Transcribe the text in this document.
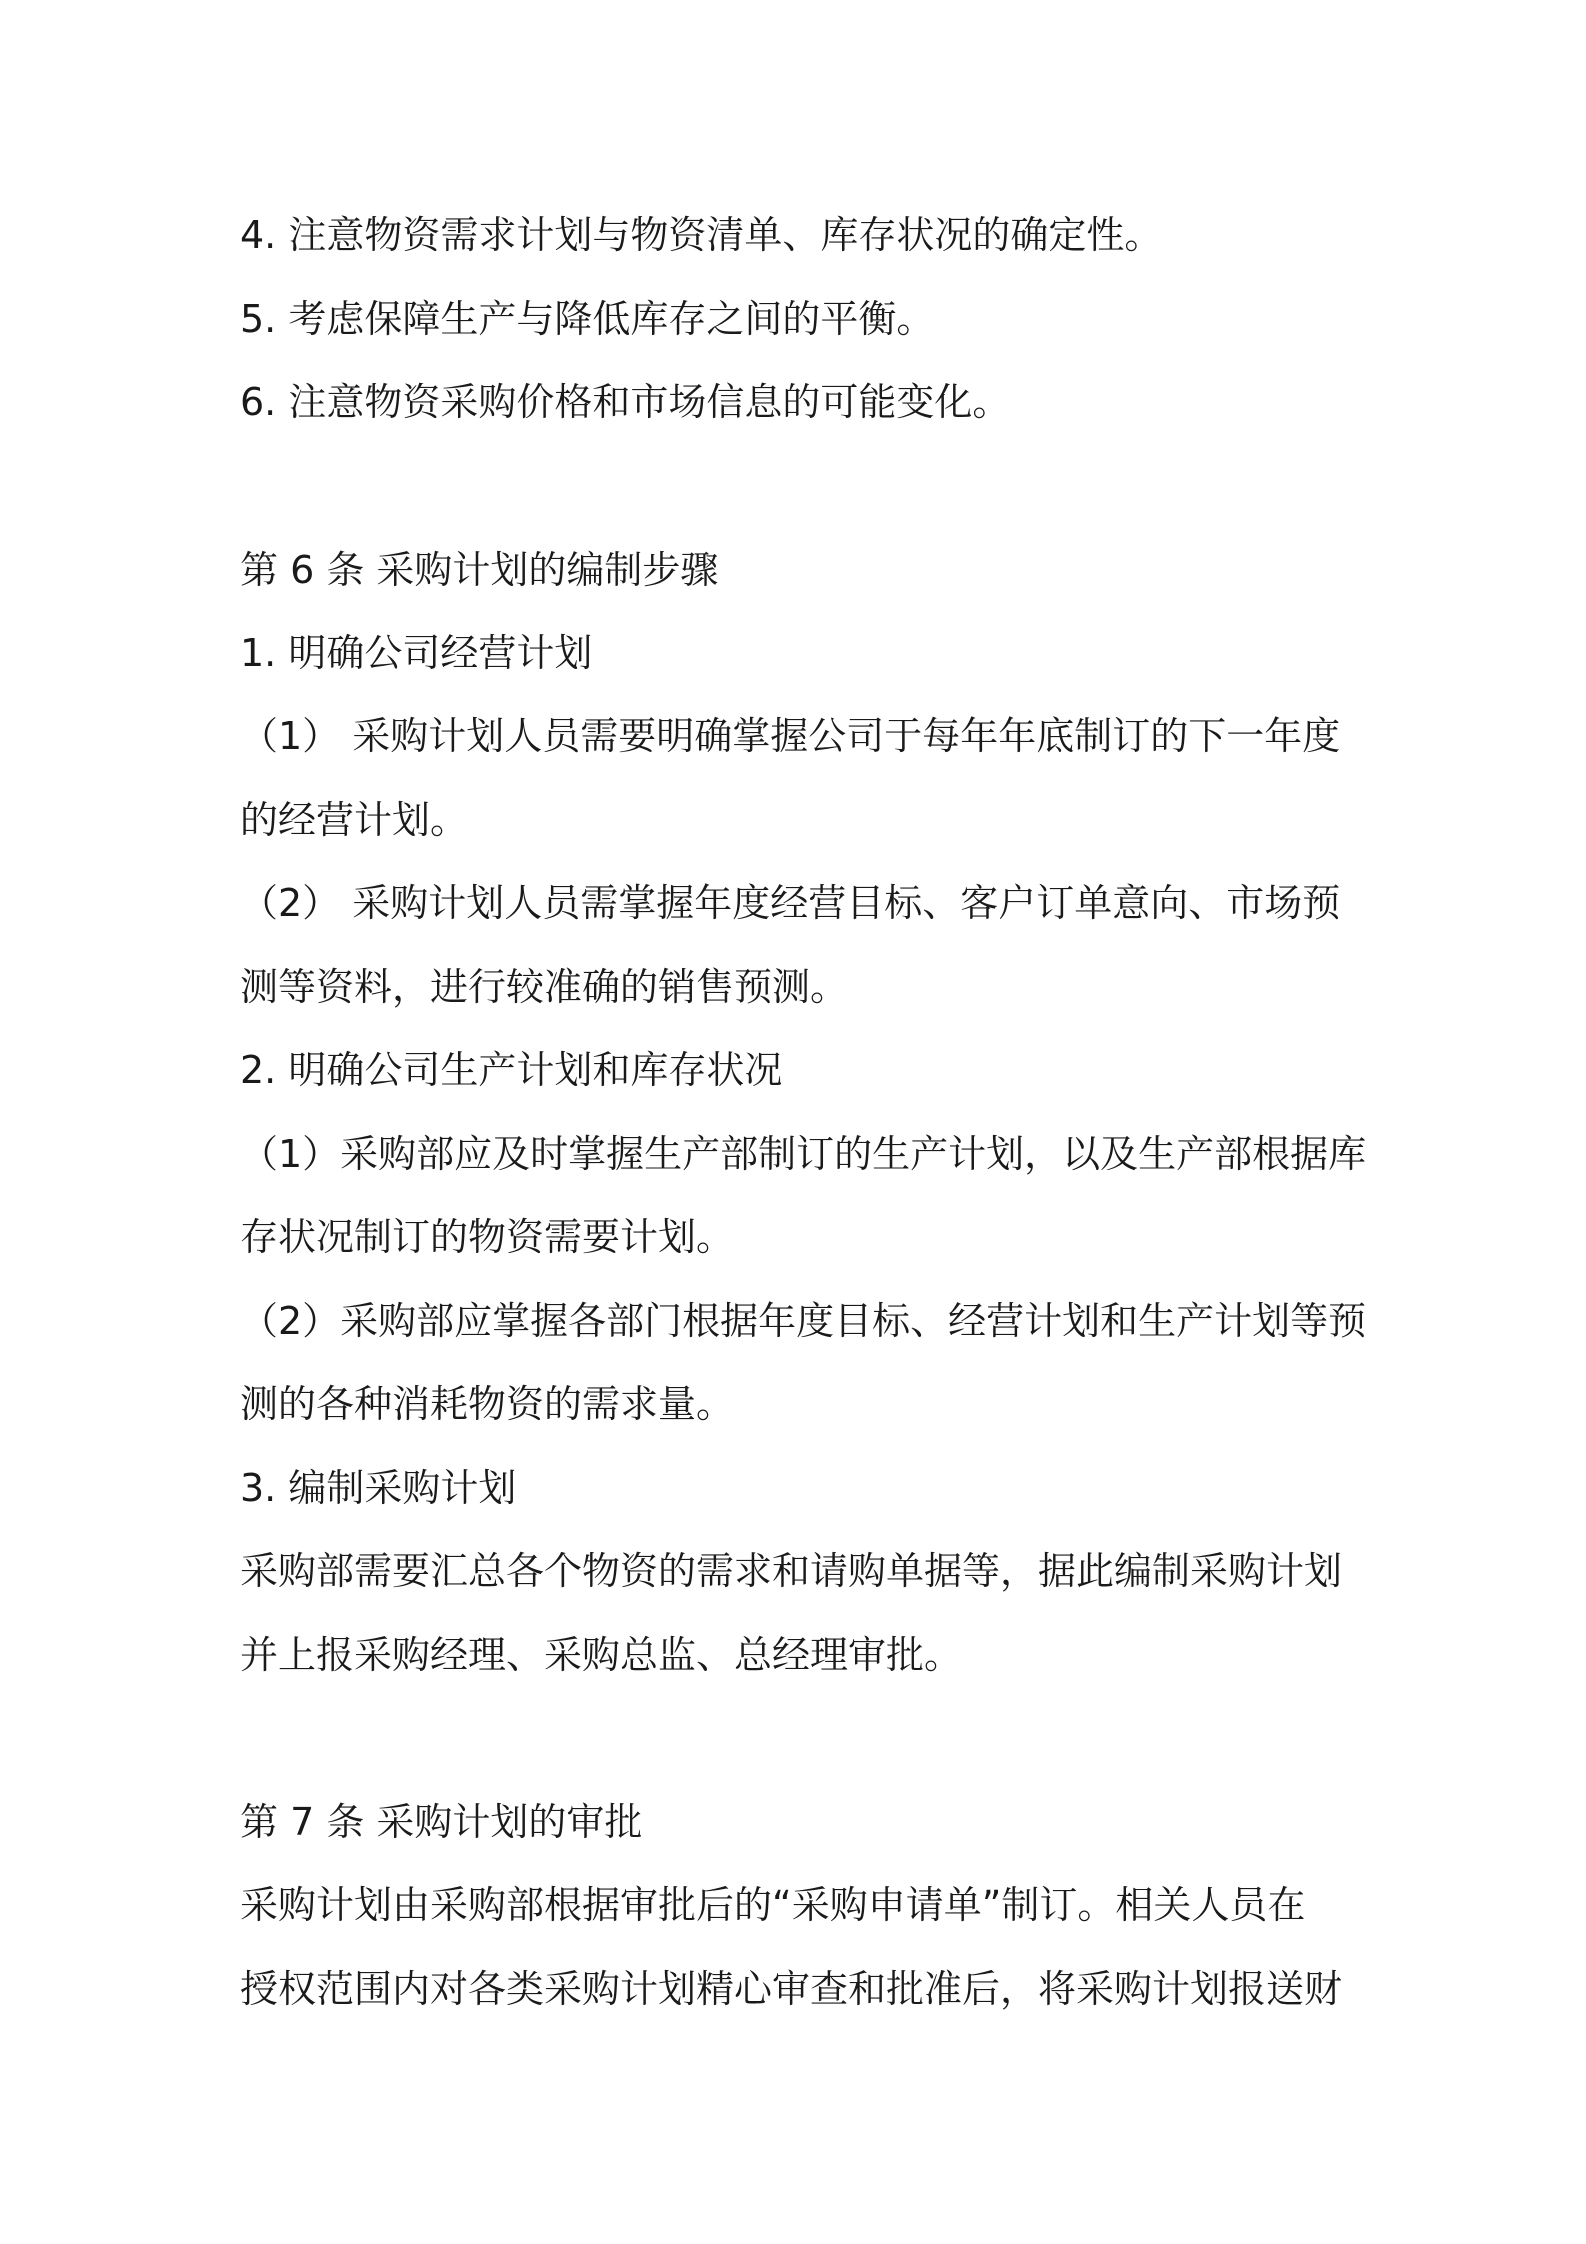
4. 注意物资需求计划与物资清单、库存状况的确定性。
5. 考虑保障生产与降低库存之间的平衡。
6. 注意物资采购价格和市场信息的可能变化。
第 6 条 采购计划的编制步骤
1. 明确公司经营计划
（1） 采购计划人员需要明确掌握公司于每年年底制订的下一年度
的经营计划。
（2） 采购计划人员需掌握年度经营目标、客户订单意向、市场预
测等资料，进行较准确的销售预测。
2. 明确公司生产计划和库存状况
（1）采购部应及时掌握生产部制订的生产计划，以及生产部根据库
存状况制订的物资需要计划。
（2）采购部应掌握各部门根据年度目标、经营计划和生产计划等预
测的各种消耗物资的需求量。
3. 编制采购计划
采购部需要汇总各个物资的需求和请购单据等，据此编制采购计划
并上报采购经理、采购总监、总经理审批。
第 7 条 采购计划的审批
采购计划由采购部根据审批后的“采购申请单”制订。相关人员在
授权范围内对各类采购计划精心审查和批准后，将采购计划报送财
